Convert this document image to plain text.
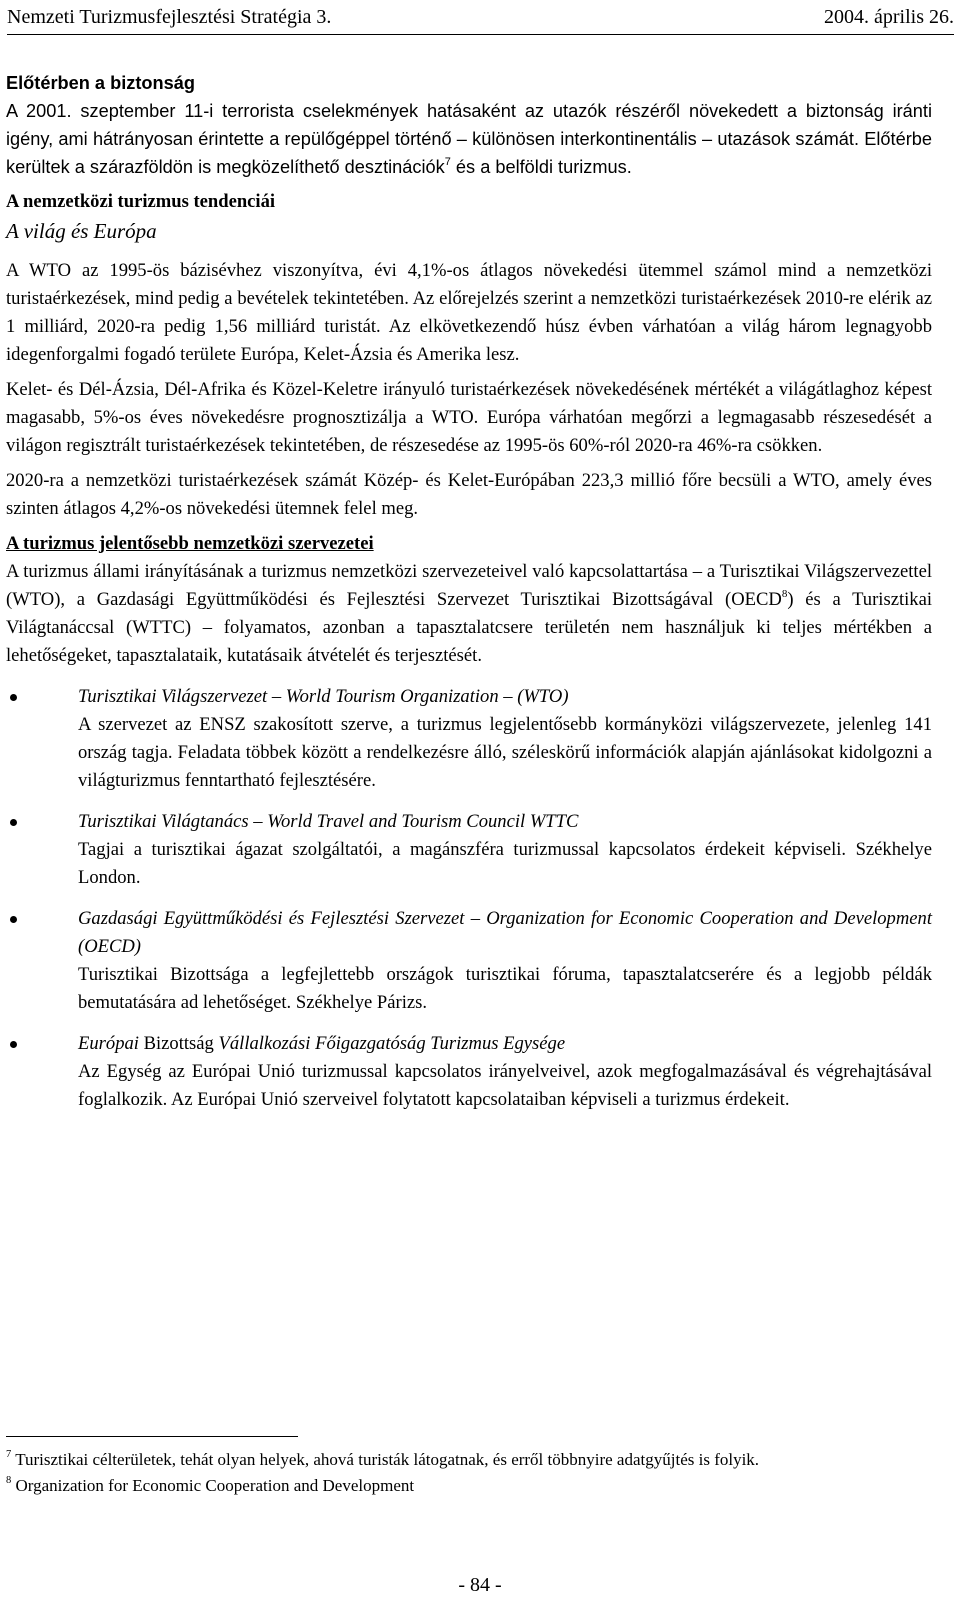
Nemzeti Turizmusfejlesztési Stratégia 3.	2004. április 26.

Előtérben a biztonság

A 2001. szeptember 11-i terrorista cselekmények hatásaként az utazók részéről növekedett a biztonság iránti igény, ami hátrányosan érintette a repülőgéppel történő – különösen interkontinentális – utazások számát. Előtérbe kerültek a szárazföldön is megközelíthető desztinációk$^7$ és a belföldi turizmus.

A nemzetközi turizmus tendenciái

A világ és Európa

A WTO az 1995-ös bázisévhez viszonyítva, évi 4,1%-os átlagos növekedési ütemmel számol mind a nemzetközi turistaérkezések, mind pedig a bevételek tekintetében. Az előrejelzés szerint a nemzetközi turistaérkezések 2010-re elérik az 1 milliárd, 2020-ra pedig 1,56 milliárd turistát. Az elkövetkezendő húsz évben várhatóan a világ három legnagyobb idegenforgalmi fogadó területe Európa, Kelet-Ázsia és Amerika lesz.

Kelet- és Dél-Ázsia, Dél-Afrika és Közel-Keletre irányuló turistaérkezések növekedésének mértékét a világátlaghoz képest magasabb, 5%-os éves növekedésre prognosztizálja a WTO. Európa várhatóan megőrzi a legmagasabb részesedését a világon regisztrált turistaérkezések tekintetében, de részesedése az 1995-ös 60%-ról 2020-ra 46%-ra csökken.

2020-ra a nemzetközi turistaérkezések számát Közép- és Kelet-Európában 223,3 millió főre becsüli a WTO, amely éves szinten átlagos 4,2%-os növekedési ütemnek felel meg.

A turizmus jelentősebb nemzetközi szervezetei

A turizmus állami irányításának a turizmus nemzetközi szervezeteivel való kapcsolattartása – a Turisztikai Világszervezettel (WTO), a Gazdasági Együttműködési és Fejlesztési Szervezet Turisztikai Bizottságával (OECD$^8$) és a Turisztikai Világtanáccsal (WTTC) – folyamatos, azonban a tapasztalatcsere területén nem használjuk ki teljes mértékben a lehetőségeket, tapasztalataik, kutatásaik átvételét és terjesztését.

Turisztikai Világszervezet – World Tourism Organization – (WTO)

A szervezet az ENSZ szakosított szerve, a turizmus legjelentősebb kormányközi világszervezete, jelenleg 141 ország tagja. Feladata többek között a rendelkezésre álló, széleskörű információk alapján ajánlásokat kidolgozni a világturizmus fenntartható fejlesztésére.

Turisztikai Világtanács – World Travel and Tourism Council WTTC

Tagjai a turisztikai ágazat szolgáltatói, a magánszféra turizmussal kapcsolatos érdekeit képviseli. Székhelye London.

Gazdasági Együttműködési és Fejlesztési Szervezet – Organization for Economic Cooperation and Development (OECD)

Turisztikai Bizottsága a legfejlettebb országok turisztikai fóruma, tapasztalatcserére és a legjobb példák bemutatására ad lehetőséget. Székhelye Párizs.

Európai Bizottság Vállalkozási Főigazgatóság Turizmus Egysége

Az Egység az Európai Unió turizmussal kapcsolatos irányelveivel, azok megfogalmazásával és végrehajtásával foglalkozik. Az Európai Unió szerveivel folytatott kapcsolataiban képviseli a turizmus érdekeit.

$^7$ Turisztikai célterületek, tehát olyan helyek, ahová turisták látogatnak, és erről többnyire adatgyűjtés is folyik.
$^8$ Organization for Economic Cooperation and Development
- 84 -
